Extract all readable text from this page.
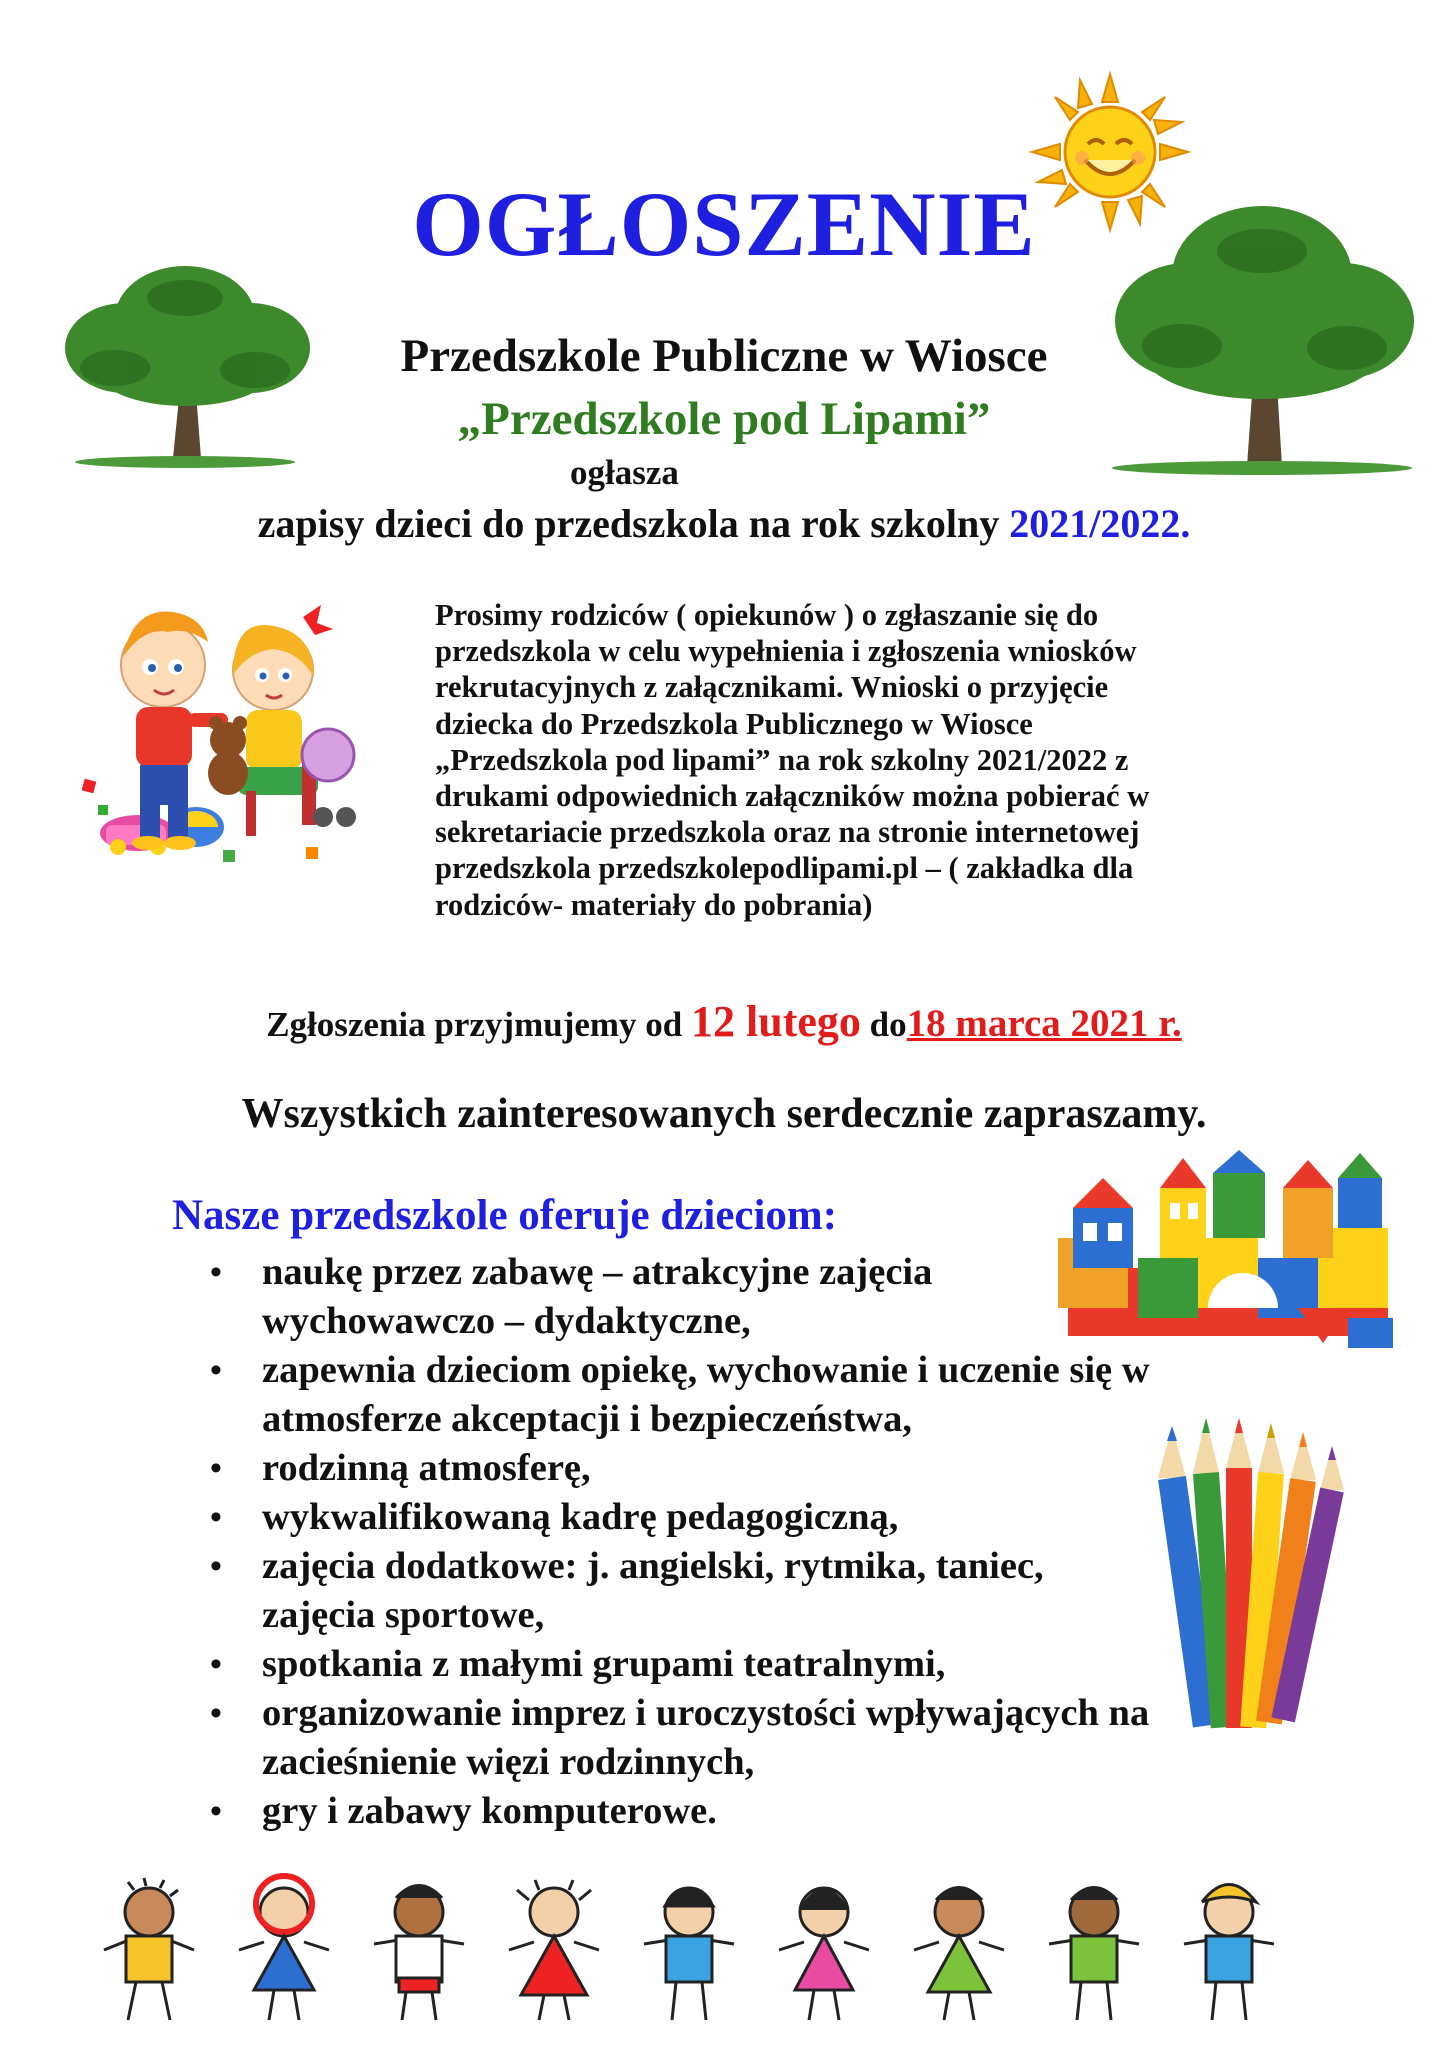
OGŁOSZENIE
Przedszkole Publiczne w Wiosce
„Przedszkole pod Lipami”
ogłasza
zapisy dzieci do przedszkola na rok szkolny 2021/2022.
Prosimy rodziców ( opiekunów ) o zgłaszanie się do
przedszkola w celu wypełnienia i zgłoszenia wniosków
rekrutacyjnych z załącznikami. Wnioski o przyjęcie
dziecka do Przedszkola Publicznego w Wiosce
„Przedszkola pod lipami” na rok szkolny 2021/2022 z
drukami odpowiednich załączników można pobierać w
sekretariacie przedszkola oraz na stronie internetowej
przedszkola przedszkolepodlipami.pl – ( zakładka dla
rodziców- materiały do pobrania)
Zgłoszenia przyjmujemy od 12 lutego do18 marca 2021 r.
Wszystkich zainteresowanych serdecznie zapraszamy.
Nasze przedszkole oferuje dzieciom:
• naukę przez zabawę – atrakcyjne zajęcia
wychowawczo – dydaktyczne,
• zapewnia dzieciom opiekę, wychowanie i uczenie się w
atmosferze akceptacji i bezpieczeństwa,
• rodzinną atmosferę,
• wykwalifikowaną kadrę pedagogiczną,
• zajęcia dodatkowe: j. angielski, rytmika, taniec,
zajęcia sportowe,
• spotkania z małymi grupami teatralnymi,
• organizowanie imprez i uroczystości wpływających na
zacieśnienie więzi rodzinnych,
• gry i zabawy komputerowe.
